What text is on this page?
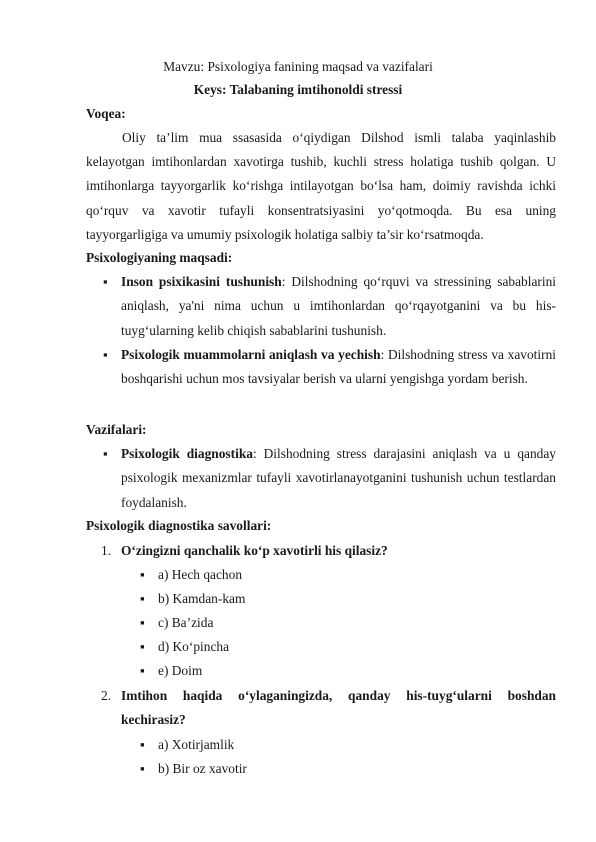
Mavzu: Psixologiya fanining maqsad va vazifalari
Keys: Talabaning imtihonoldi stressi
Voqea:
Oliy ta’lim mua ssasasida o‘qiydigan Dilshod ismli talaba yaqinlashib kelayotgan imtihonlardan xavotirga tushib, kuchli stress holatiga tushib qolgan. U imtihonlarga tayyorgarlik ko‘rishga intilayotgan bo‘lsa ham, doimiy ravishda ichki qo‘rquv va xavotir tufayli konsentratsiyasini yo‘qotmoqda. Bu esa uning tayyorgarligiga va umumiy psixologik holatiga salbiy ta’sir ko‘rsatmoqda.
Psixologiyaning maqsadi:
▪ Inson psixikasini tushunish: Dilshodning qo‘rquvi va stressining sabablarini aniqlash, ya'ni nima uchun u imtihonlardan qo‘rqayotganini va bu his-tuyg‘ularning kelib chiqish sabablarini tushunish.
▪ Psixologik muammolarni aniqlash va yechish: Dilshodning stress va xavotirni boshqarishi uchun mos tavsiyalar berish va ularni yengishga yordam berish.
Vazifalari:
▪ Psixologik diagnostika: Dilshodning stress darajasini aniqlash va u qanday psixologik mexanizmlar tufayli xavotirlanayotganini tushunish uchun testlardan foydalanish.
Psixologik diagnostika savollari:
1. O‘zingizni qanchalik ko‘p xavotirli his qilasiz?
▪ a) Hech qachon
▪ b) Kamdan-kam
▪ c) Ba’zida
▪ d) Ko‘pincha
▪ e) Doim
2. Imtihon haqida o‘ylaganingizda, qanday his-tuyg‘ularni boshdan kechirasiz?
▪ a) Xotirjamlik
▪ b) Bir oz xavotir
